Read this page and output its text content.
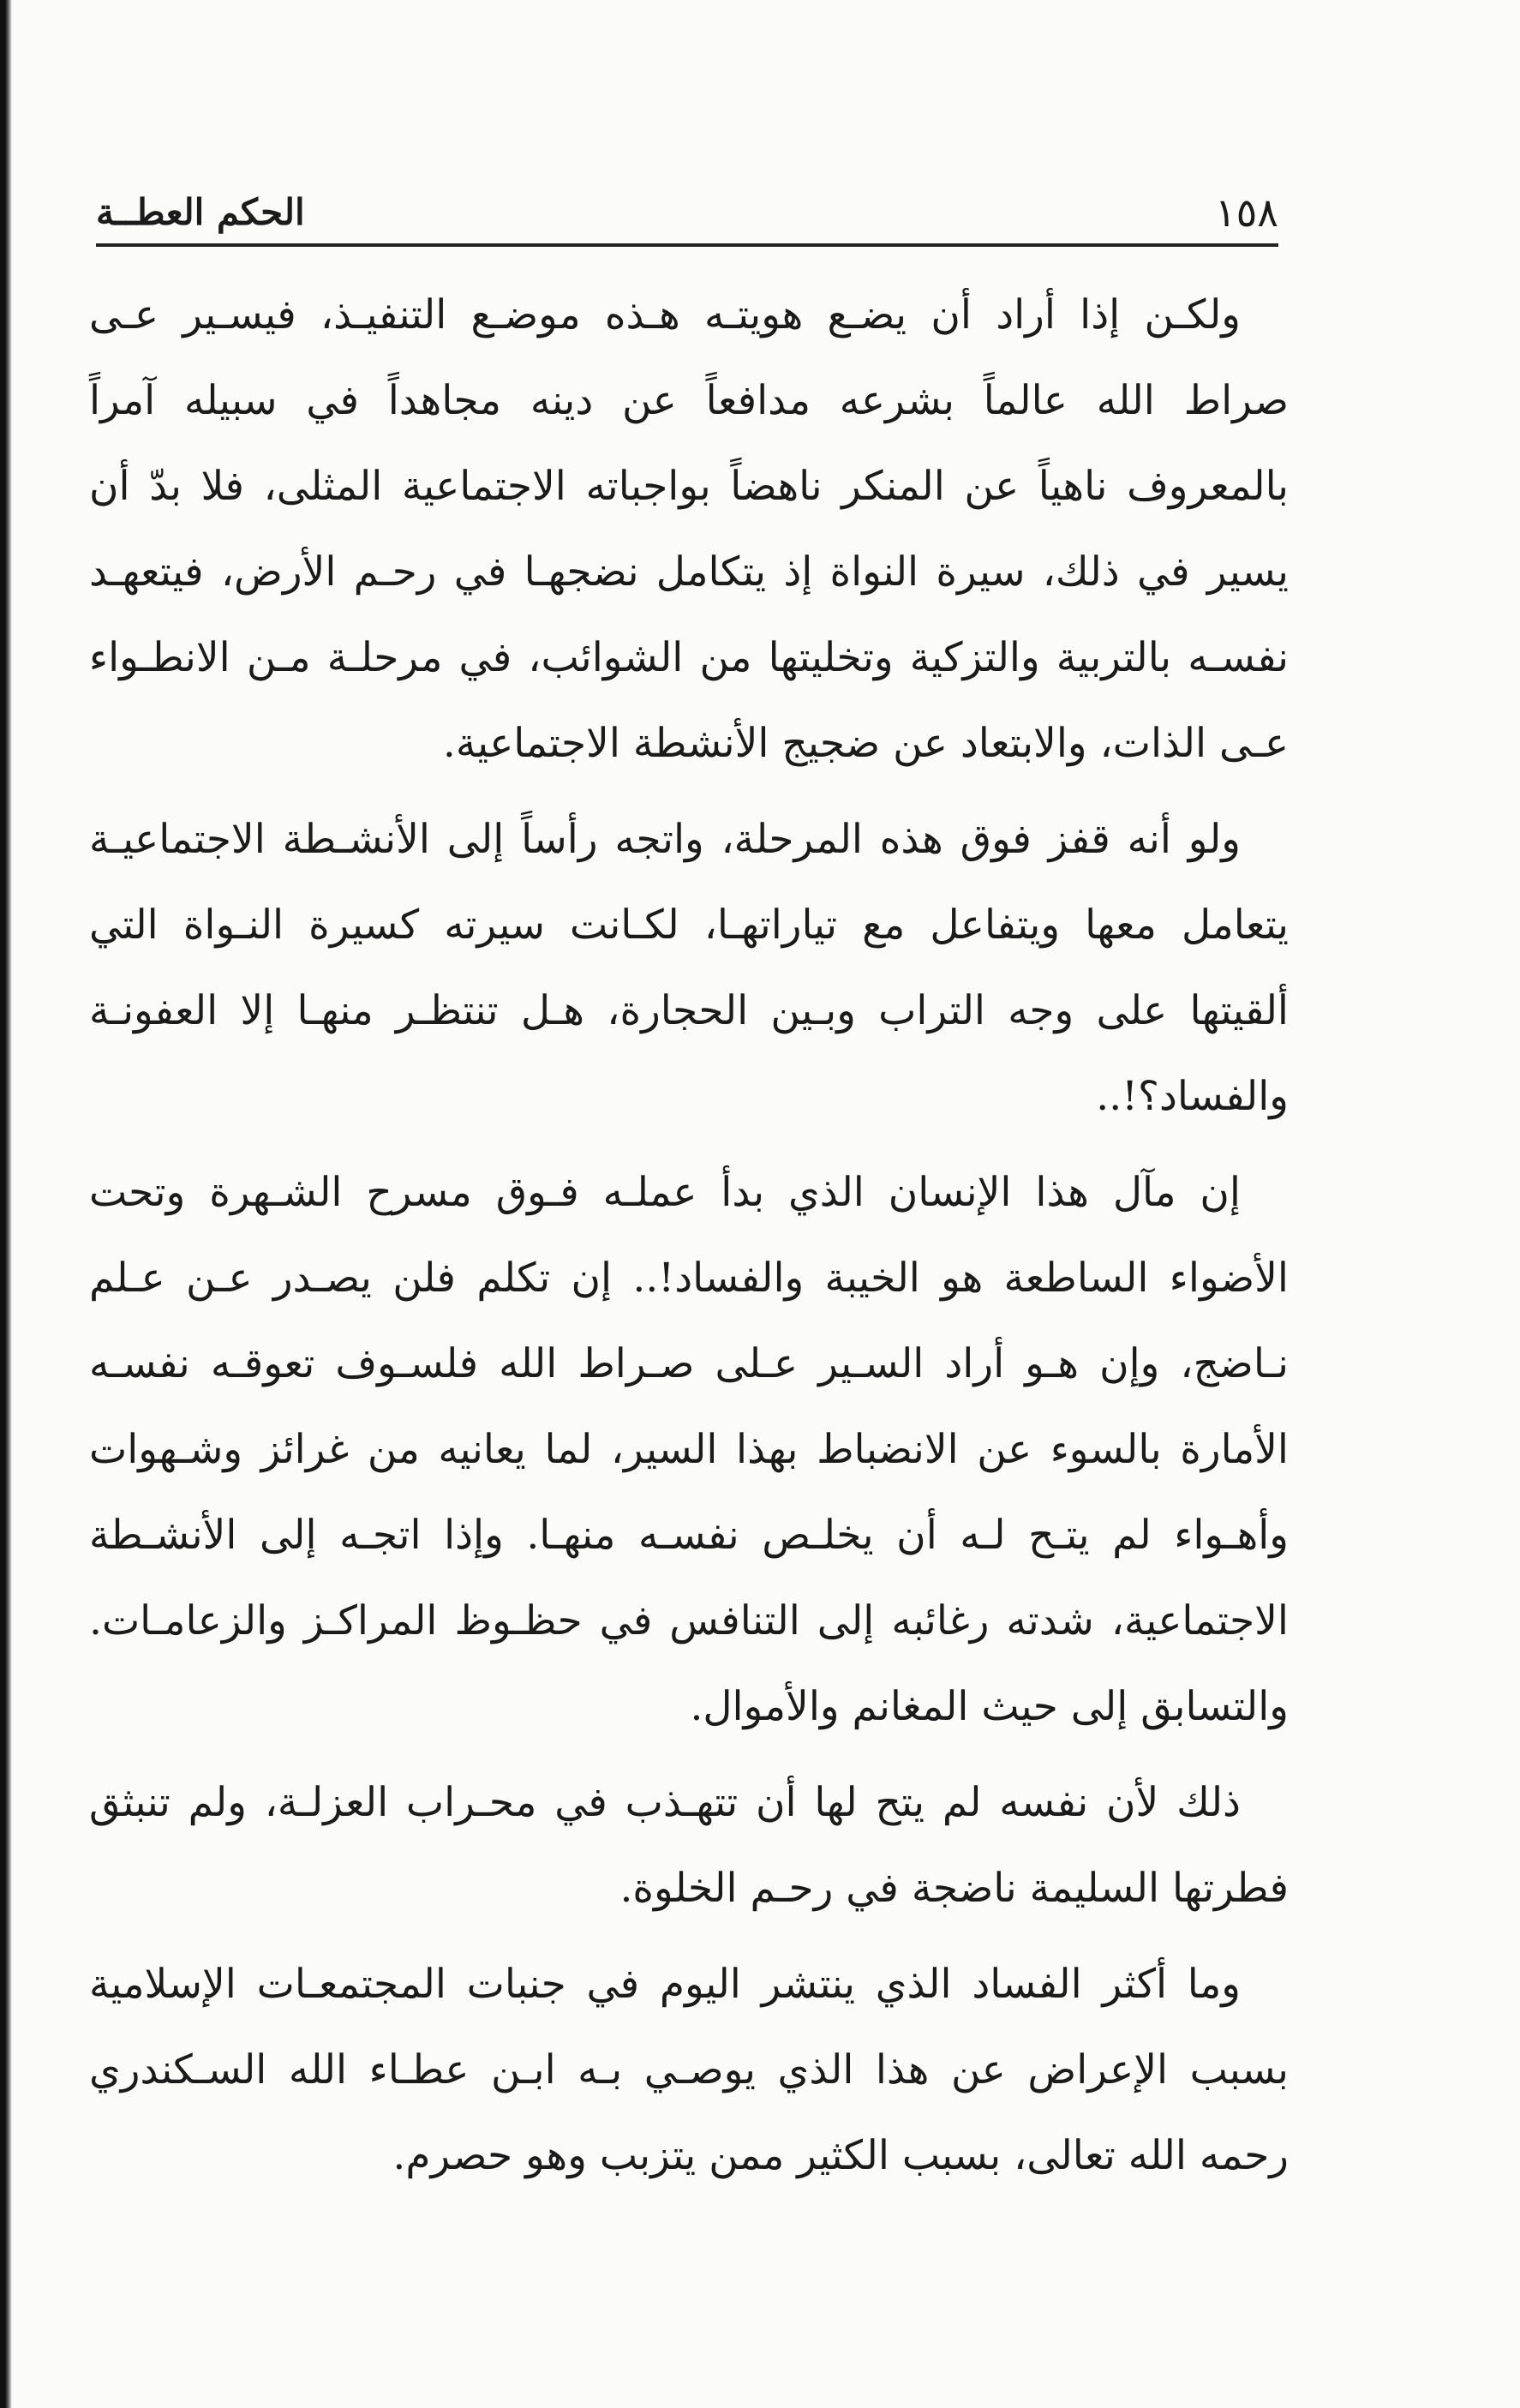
١٥٨
الحكم العطـ‍ـة

ولكـن إذا أراد أن يضـع هويتـه هـذه موضـع التنفيـذ، فيسـير عـى صراط الله عالماً بشرعه مدافعاً عن دينه مجاهداً في سبيله آمراً بالمعروف ناهياً عن المنكر ناهضاً بواجباته الاجتماعية المثلى، فلا بدّ أن يسير في ذلك، سيرة النواة إذ يتكامل نضجهـا في رحـم الأرض، فيتعهـد نفسـه بالتربية والتزكية وتخليتها من الشوائب، في مرحلـة مـن الانطـواء عـى الذات، والابتعاد عن ضجيج الأنشطة الاجتماعية.

ولو أنه قفز فوق هذه المرحلة، واتجه رأساً إلى الأنشـطة الاجتماعيـة يتعامل معها ويتفاعل مع تياراتهـا، لكـانت سيرته كسيرة النـواة التي ألقيتها على وجه التراب وبـين الحجارة، هـل تنتظـر منهـا إلا العفونـة والفساد؟!..

إن مآل هذا الإنسان الذي بدأ عملـه فـوق مسرح الشـهرة وتحت الأضواء الساطعة هو الخيبة والفساد!.. إن تكلم فلن يصـدر عـن عـلم نـاضج، وإن هـو أراد السـير عـلى صـراط الله فلسـوف تعوقـه نفسـه الأمارة بالسوء عن الانضباط بهذا السير، لما يعانيه من غرائز وشـهوات وأهـواء لم يتـح لـه أن يخلـص نفسـه منهـا. وإذا اتجـه إلى الأنشـطة الاجتماعية، شدته رغائبه إلى التنافس في حظـوظ المراكـز والزعامـات. والتسابق إلى حيث المغانم والأموال.

ذلك لأن نفسه لم يتح لها أن تتهـذب في محـراب العزلـة، ولم تنبثق فطرتها السليمة ناضجة في رحـم الخلوة.

وما أكثر الفساد الذي ينتشر اليوم في جنبات المجتمعـات الإسلامية بسبب الإعراض عن هذا الذي يوصـي بـه ابـن عطـاء الله السـكندري رحمه الله تعالى، بسبب الكثير ممن يتزبب وهو حصرم.
